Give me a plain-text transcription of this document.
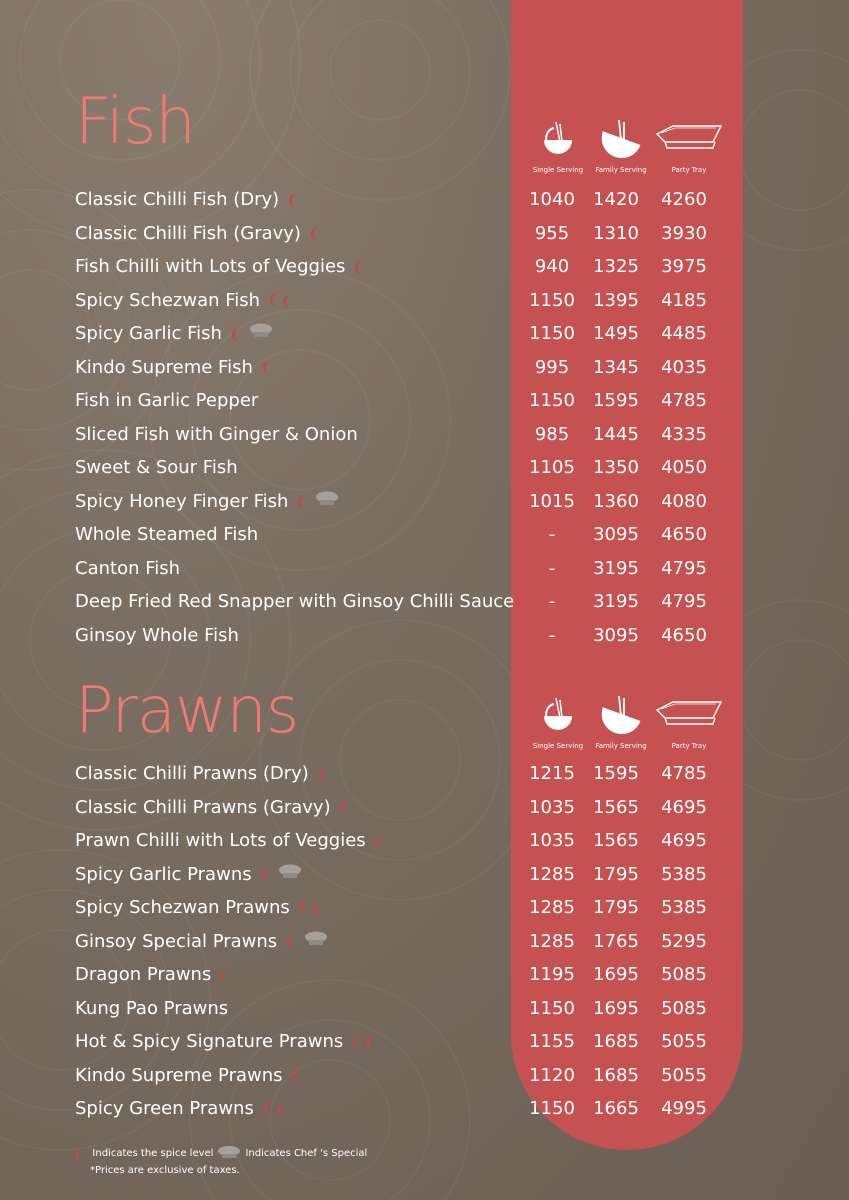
Fish
Single Serving Family Serving	Party Tray
Classic Chilli Fish (Dry) ❨	1040	1420	4260
Classic Chilli Fish (Gravy) ❨	955	1310	3930
Fish Chilli with Lots of Veggies ❨	940	1325	3975
Spicy Schezwan Fish ❨❨	1150	1395	4185
Spicy Garlic Fish ❨	1150	1495	4485
Kindo Supreme Fish ❨	995	1345	4035
Fish in Garlic Pepper	1150	1595	4785
Sliced Fish with Ginger & Onion	985	1445	4335
Sweet & Sour Fish	1105	1350	4050
Spicy Honey Finger Fish ❨	1015	1360	4080
Whole Steamed Fish	-	3095	4650
Canton Fish	-	3195	4795
Deep Fried Red Snapper with Ginsoy Chilli Sauce	-	3195	4795
Ginsoy Whole Fish	-	3095	4650
Prawns	Single Serving Family Serving	Party Tray
Classic Chilli Prawns (Dry) ❨	1215	1595	4785
Classic Chilli Prawns (Gravy) ❨	1035	1565	4695
Prawn Chilli with Lots of Veggies ❨	1035	1565	4695
Spicy Garlic Prawns ❨	1285	1795	5385
Spicy Schezwan Prawns ❨❨	1285	1795	5385
Ginsoy Special Prawns ❨	1285	1765	5295
Dragon Prawns ❨	1195	1695	5085
Kung Pao Prawns	1150	1695	5085
Hot & Spicy Signature Prawns ❨❨	1155	1685	5055
Kindo Supreme Prawns ❨	1120	1685	5055
Spicy Green Prawns ❨❨	1150	1665	4995
❨ Indicates the spice level	Indicates Chef 's Special
*Prices are exclusive of taxes.
